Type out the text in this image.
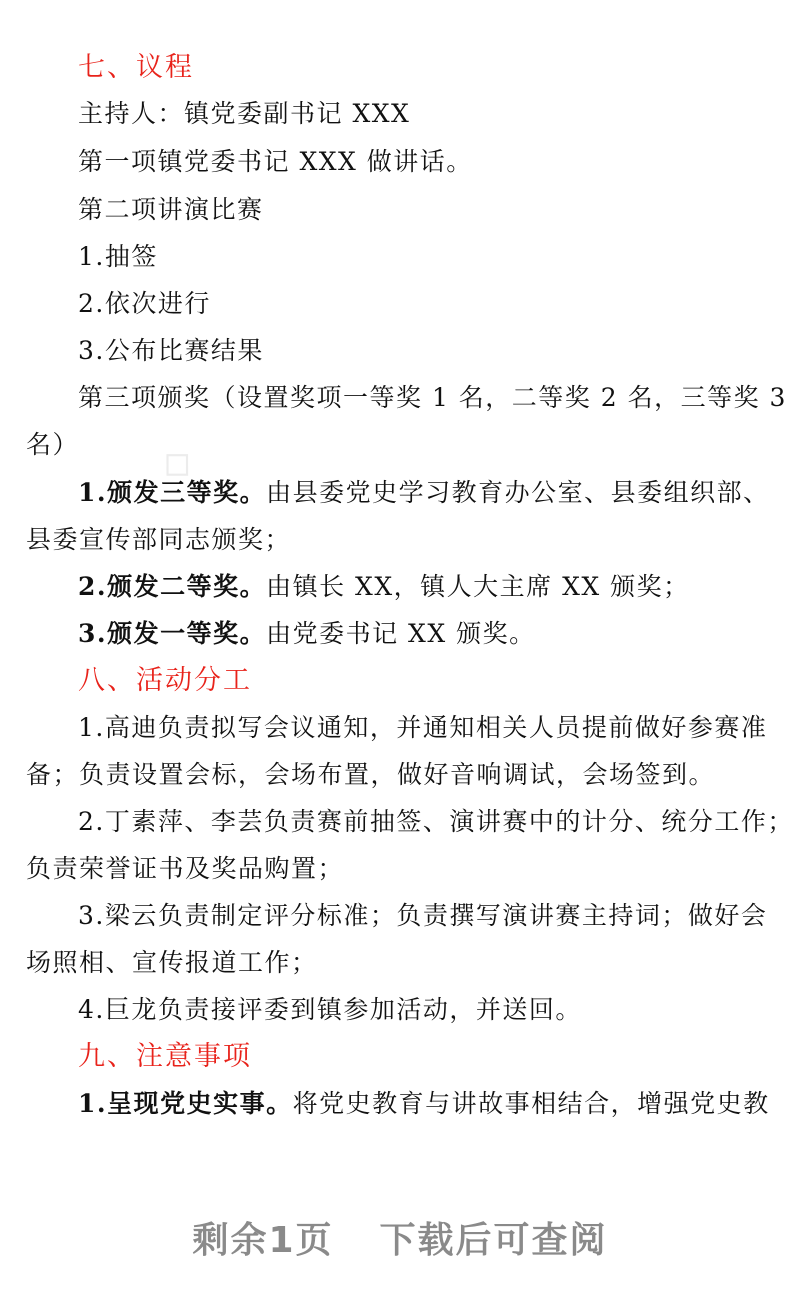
七、议程
主持人：镇党委副书记 XXX
第一项镇党委书记 XXX 做讲话。
第二项讲演比赛
1.抽签
2.依次进行
3.公布比赛结果
第三项颁奖（设置奖项一等奖 1 名，二等奖 2 名，三等奖 3
名）
1.颁发三等奖。由县委党史学习教育办公室、县委组织部、
县委宣传部同志颁奖；
2.颁发二等奖。由镇长 XX，镇人大主席 XX 颁奖；
3.颁发一等奖。由党委书记 XX 颁奖。
八、活动分工
1.高迪负责拟写会议通知，并通知相关人员提前做好参赛准
备；负责设置会标，会场布置，做好音响调试，会场签到。
2.丁素萍、李芸负责赛前抽签、演讲赛中的计分、统分工作；
负责荣誉证书及奖品购置；
3.梁云负责制定评分标准；负责撰写演讲赛主持词；做好会
场照相、宣传报道工作；
4.巨龙负责接评委到镇参加活动，并送回。
九、注意事项
1.呈现党史实事。将党史教育与讲故事相结合，增强党史教
◇
剩余1页 下载后可查阅
